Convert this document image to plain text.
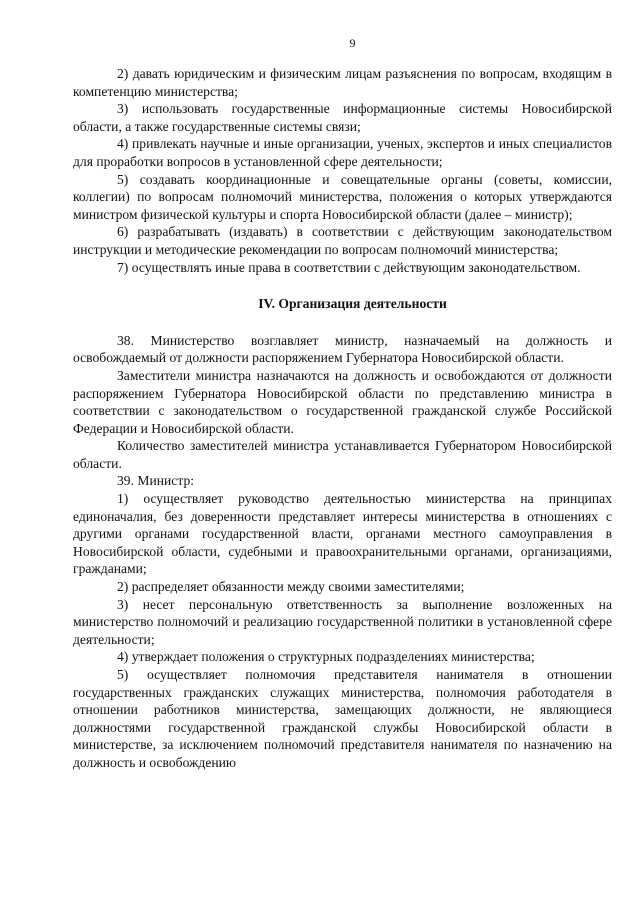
9

2) давать юридическим и физическим лицам разъяснения по вопросам, входящим в компетенцию министерства;

3) использовать государственные информационные системы Новосибирской области, а также государственные системы связи;

4) привлекать научные и иные организации, ученых, экспертов и иных специалистов для проработки вопросов в установленной сфере деятельности;

5) создавать координационные и совещательные органы (советы, комиссии, коллегии) по вопросам полномочий министерства, положения о которых утверждаются министром физической культуры и спорта Новосибирской области (далее – министр);

6) разрабатывать (издавать) в соответствии с действующим законодательством инструкции и методические рекомендации по вопросам полномочий министерства;

7) осуществлять иные права в соответствии с действующим законодательством.

IV. Организация деятельности

38. Министерство возглавляет министр, назначаемый на должность и освобождаемый от должности распоряжением Губернатора Новосибирской области.

Заместители министра назначаются на должность и освобождаются от должности распоряжением Губернатора Новосибирской области по представлению министра в соответствии с законодательством о государственной гражданской службе Российской Федерации и Новосибирской области.

Количество заместителей министра устанавливается Губернатором Новосибирской области.

39. Министр:

1) осуществляет руководство деятельностью министерства на принципах единоначалия, без доверенности представляет интересы министерства в отношениях с другими органами государственной власти, органами местного самоуправления в Новосибирской области, судебными и правоохранительными органами, организациями, гражданами;

2) распределяет обязанности между своими заместителями;

3) несет персональную ответственность за выполнение возложенных на министерство полномочий и реализацию государственной политики в установленной сфере деятельности;

4) утверждает положения о структурных подразделениях министерства;

5) осуществляет полномочия представителя нанимателя в отношении государственных гражданских служащих министерства, полномочия работодателя в отношении работников министерства, замещающих должности, не являющиеся должностями государственной гражданской службы Новосибирской области в министерстве, за исключением полномочий представителя нанимателя по назначению на должность и освобождению
